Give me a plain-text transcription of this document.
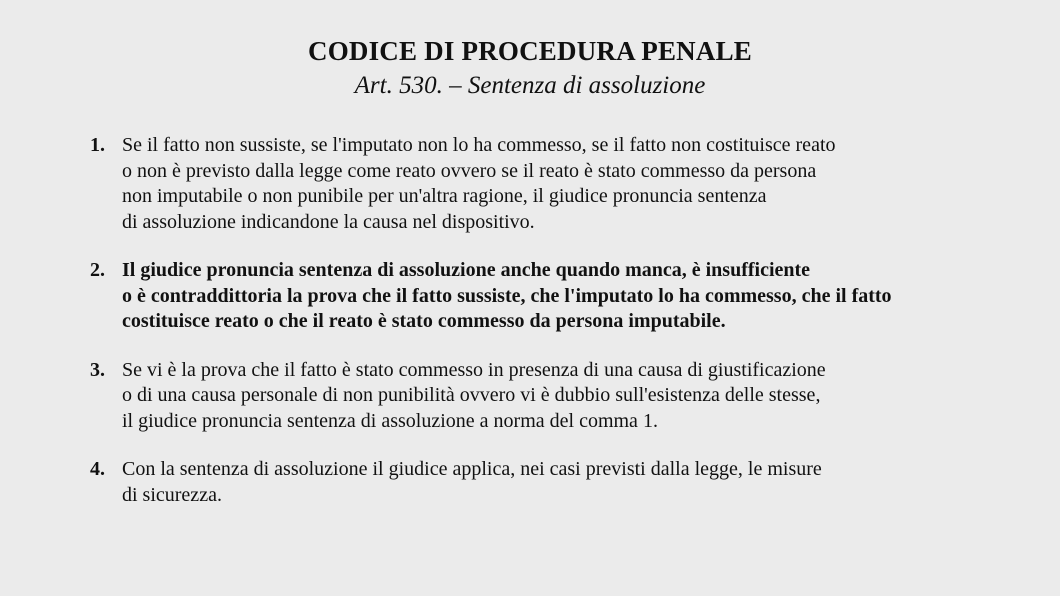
CODICE DI PROCEDURA PENALE
Art. 530. – Sentenza di assoluzione
1. Se il fatto non sussiste, se l'imputato non lo ha commesso, se il fatto non costituisce reato
o non è previsto dalla legge come reato ovvero se il reato è stato commesso da persona
non imputabile o non punibile per un'altra ragione, il giudice pronuncia sentenza
di assoluzione indicandone la causa nel dispositivo.
2. Il giudice pronuncia sentenza di assoluzione anche quando manca, è insufficiente
o è contraddittoria la prova che il fatto sussiste, che l'imputato lo ha commesso, che il fatto
costituisce reato o che il reato è stato commesso da persona imputabile.
3. Se vi è la prova che il fatto è stato commesso in presenza di una causa di giustificazione
o di una causa personale di non punibilità ovvero vi è dubbio sull'esistenza delle stesse,
il giudice pronuncia sentenza di assoluzione a norma del comma 1.
4. Con la sentenza di assoluzione il giudice applica, nei casi previsti dalla legge, le misure
di sicurezza.
